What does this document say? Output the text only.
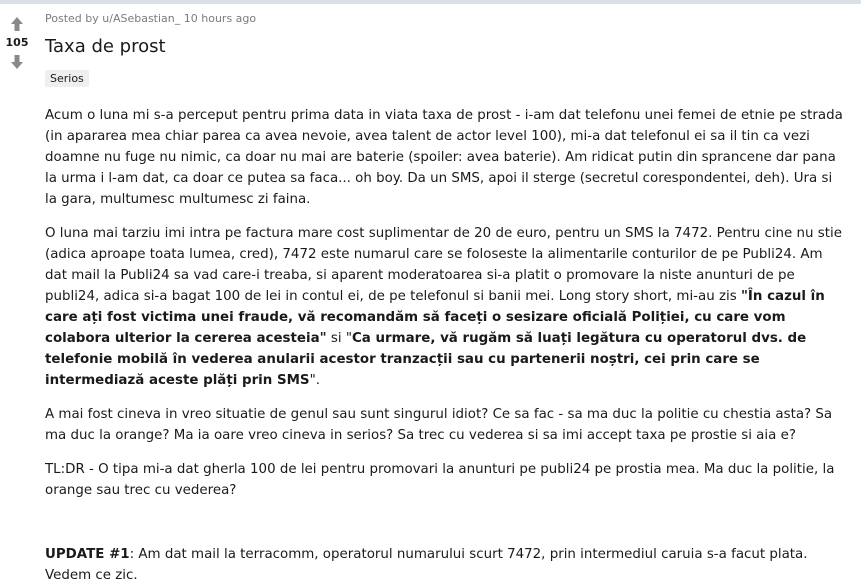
105
Posted by u/ASebastian_ 10 hours ago
Taxa de prost
Serios

Acum o luna mi s-a perceput pentru prima data in viata taxa de prost - i-am dat telefonu unei femei de etnie pe strada (in apararea mea chiar parea ca avea nevoie, avea talent de actor level 100), mi-a dat telefonul ei sa il tin ca vezi doamne nu fuge nu nimic, ca doar nu mai are baterie (spoiler: avea baterie). Am ridicat putin din sprancene dar pana la urma i l-am dat, ca doar ce putea sa faca... oh boy. Da un SMS, apoi il sterge (secretul corespondentei, deh). Ura si la gara, multumesc multumesc zi faina.

O luna mai tarziu imi intra pe factura mare cost suplimentar de 20 de euro, pentru un SMS la 7472. Pentru cine nu stie (adica aproape toata lumea, cred), 7472 este numarul care se foloseste la alimentarile conturilor de pe Publi24. Am dat mail la Publi24 sa vad care-i treaba, si aparent moderatoarea si-a platit o promovare la niste anunturi de pe publi24, adica si-a bagat 100 de lei in contul ei, de pe telefonul si banii mei. Long story short, mi-au zis "În cazul în care ați fost victima unei fraude, vă recomandăm să faceți o sesizare oficială Poliției, cu care vom colabora ulterior la cererea acesteia" si "Ca urmare, vă rugăm să luați legătura cu operatorul dvs. de telefonie mobilă în vederea anularii acestor tranzacții sau cu partenerii noștri, cei prin care se intermediază aceste plăți prin SMS".

A mai fost cineva in vreo situatie de genul sau sunt singurul idiot? Ce sa fac - sa ma duc la politie cu chestia asta? Sa ma duc la orange? Ma ia oare vreo cineva in serios? Sa trec cu vederea si sa imi accept taxa pe prostie si aia e?

TL:DR - O tipa mi-a dat gherla 100 de lei pentru promovari la anunturi pe publi24 pe prostia mea. Ma duc la politie, la orange sau trec cu vederea?

UPDATE #1: Am dat mail la terracomm, operatorul numarului scurt 7472, prin intermediul caruia s-a facut plata. Vedem ce zic.
